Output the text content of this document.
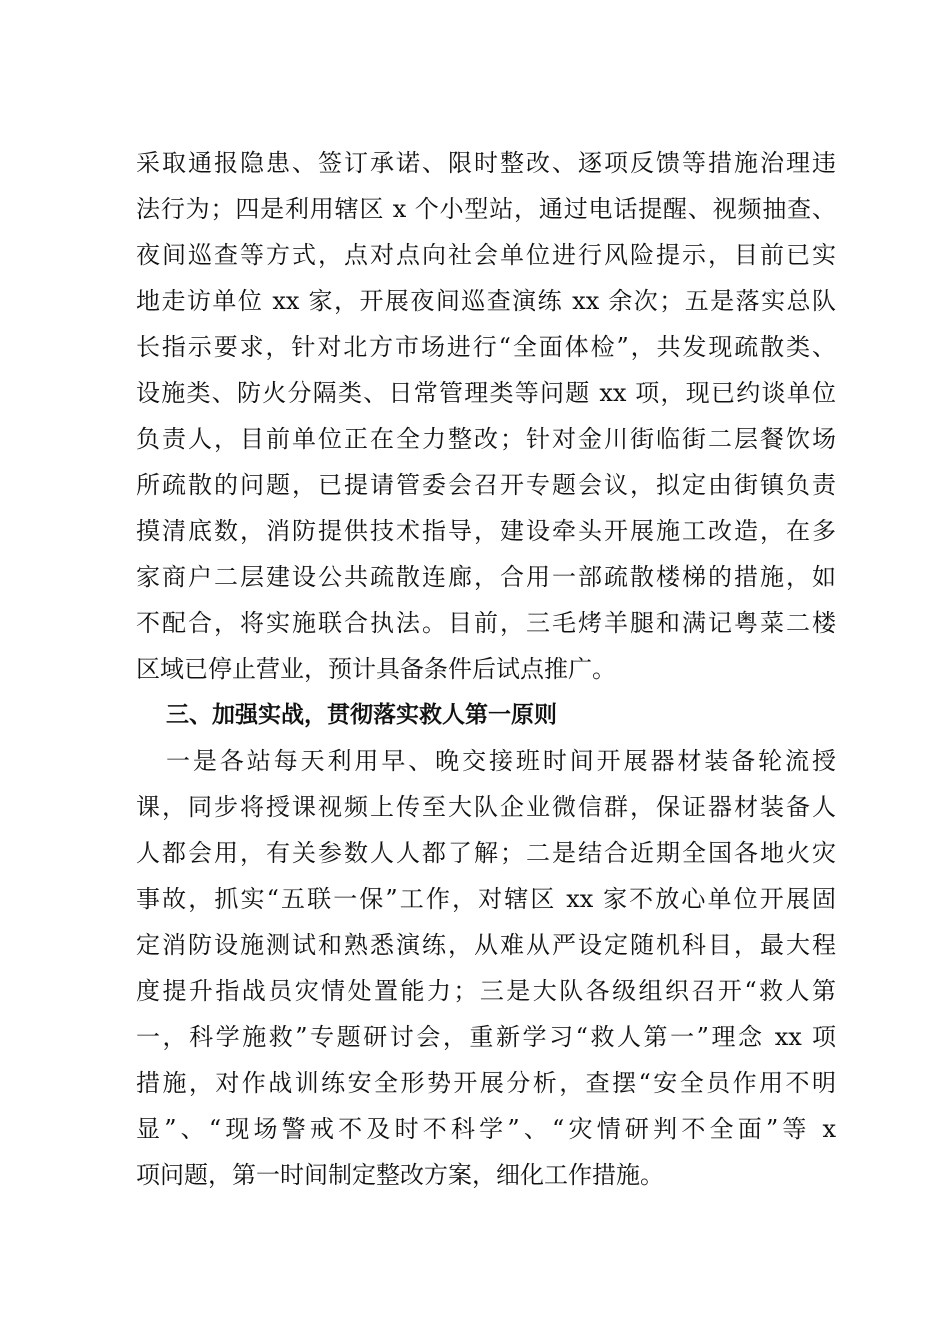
采取通报隐患、签订承诺、限时整改、逐项反馈等措施治理违
法行为；四是利用辖区 x 个小型站，通过电话提醒、视频抽查、
夜间巡查等方式，点对点向社会单位进行风险提示，目前已实
地走访单位 xx 家，开展夜间巡查演练 xx 余次；五是落实总队
长指示要求，针对北方市场进行“全面体检”，共发现疏散类、
设施类、防火分隔类、日常管理类等问题 xx 项，现已约谈单位
负责人，目前单位正在全力整改；针对金川街临街二层餐饮场
所疏散的问题，已提请管委会召开专题会议，拟定由街镇负责
摸清底数，消防提供技术指导，建设牵头开展施工改造，在多
家商户二层建设公共疏散连廊，合用一部疏散楼梯的措施，如
不配合，将实施联合执法。目前，三毛烤羊腿和满记粤菜二楼
区域已停止营业，预计具备条件后试点推广。
三、加强实战，贯彻落实救人第一原则
一是各站每天利用早、晚交接班时间开展器材装备轮流授
课，同步将授课视频上传至大队企业微信群，保证器材装备人
人都会用，有关参数人人都了解；二是结合近期全国各地火灾
事故，抓实“五联一保”工作，对辖区 xx 家不放心单位开展固
定消防设施测试和熟悉演练，从难从严设定随机科目，最大程
度提升指战员灾情处置能力；三是大队各级组织召开“救人第
一，科学施救”专题研讨会，重新学习“救人第一”理念 xx 项
措施，对作战训练安全形势开展分析，查摆“安全员作用不明
显”、“现场警戒不及时不科学”、“灾情研判不全面”等 x
项问题，第一时间制定整改方案，细化工作措施。
